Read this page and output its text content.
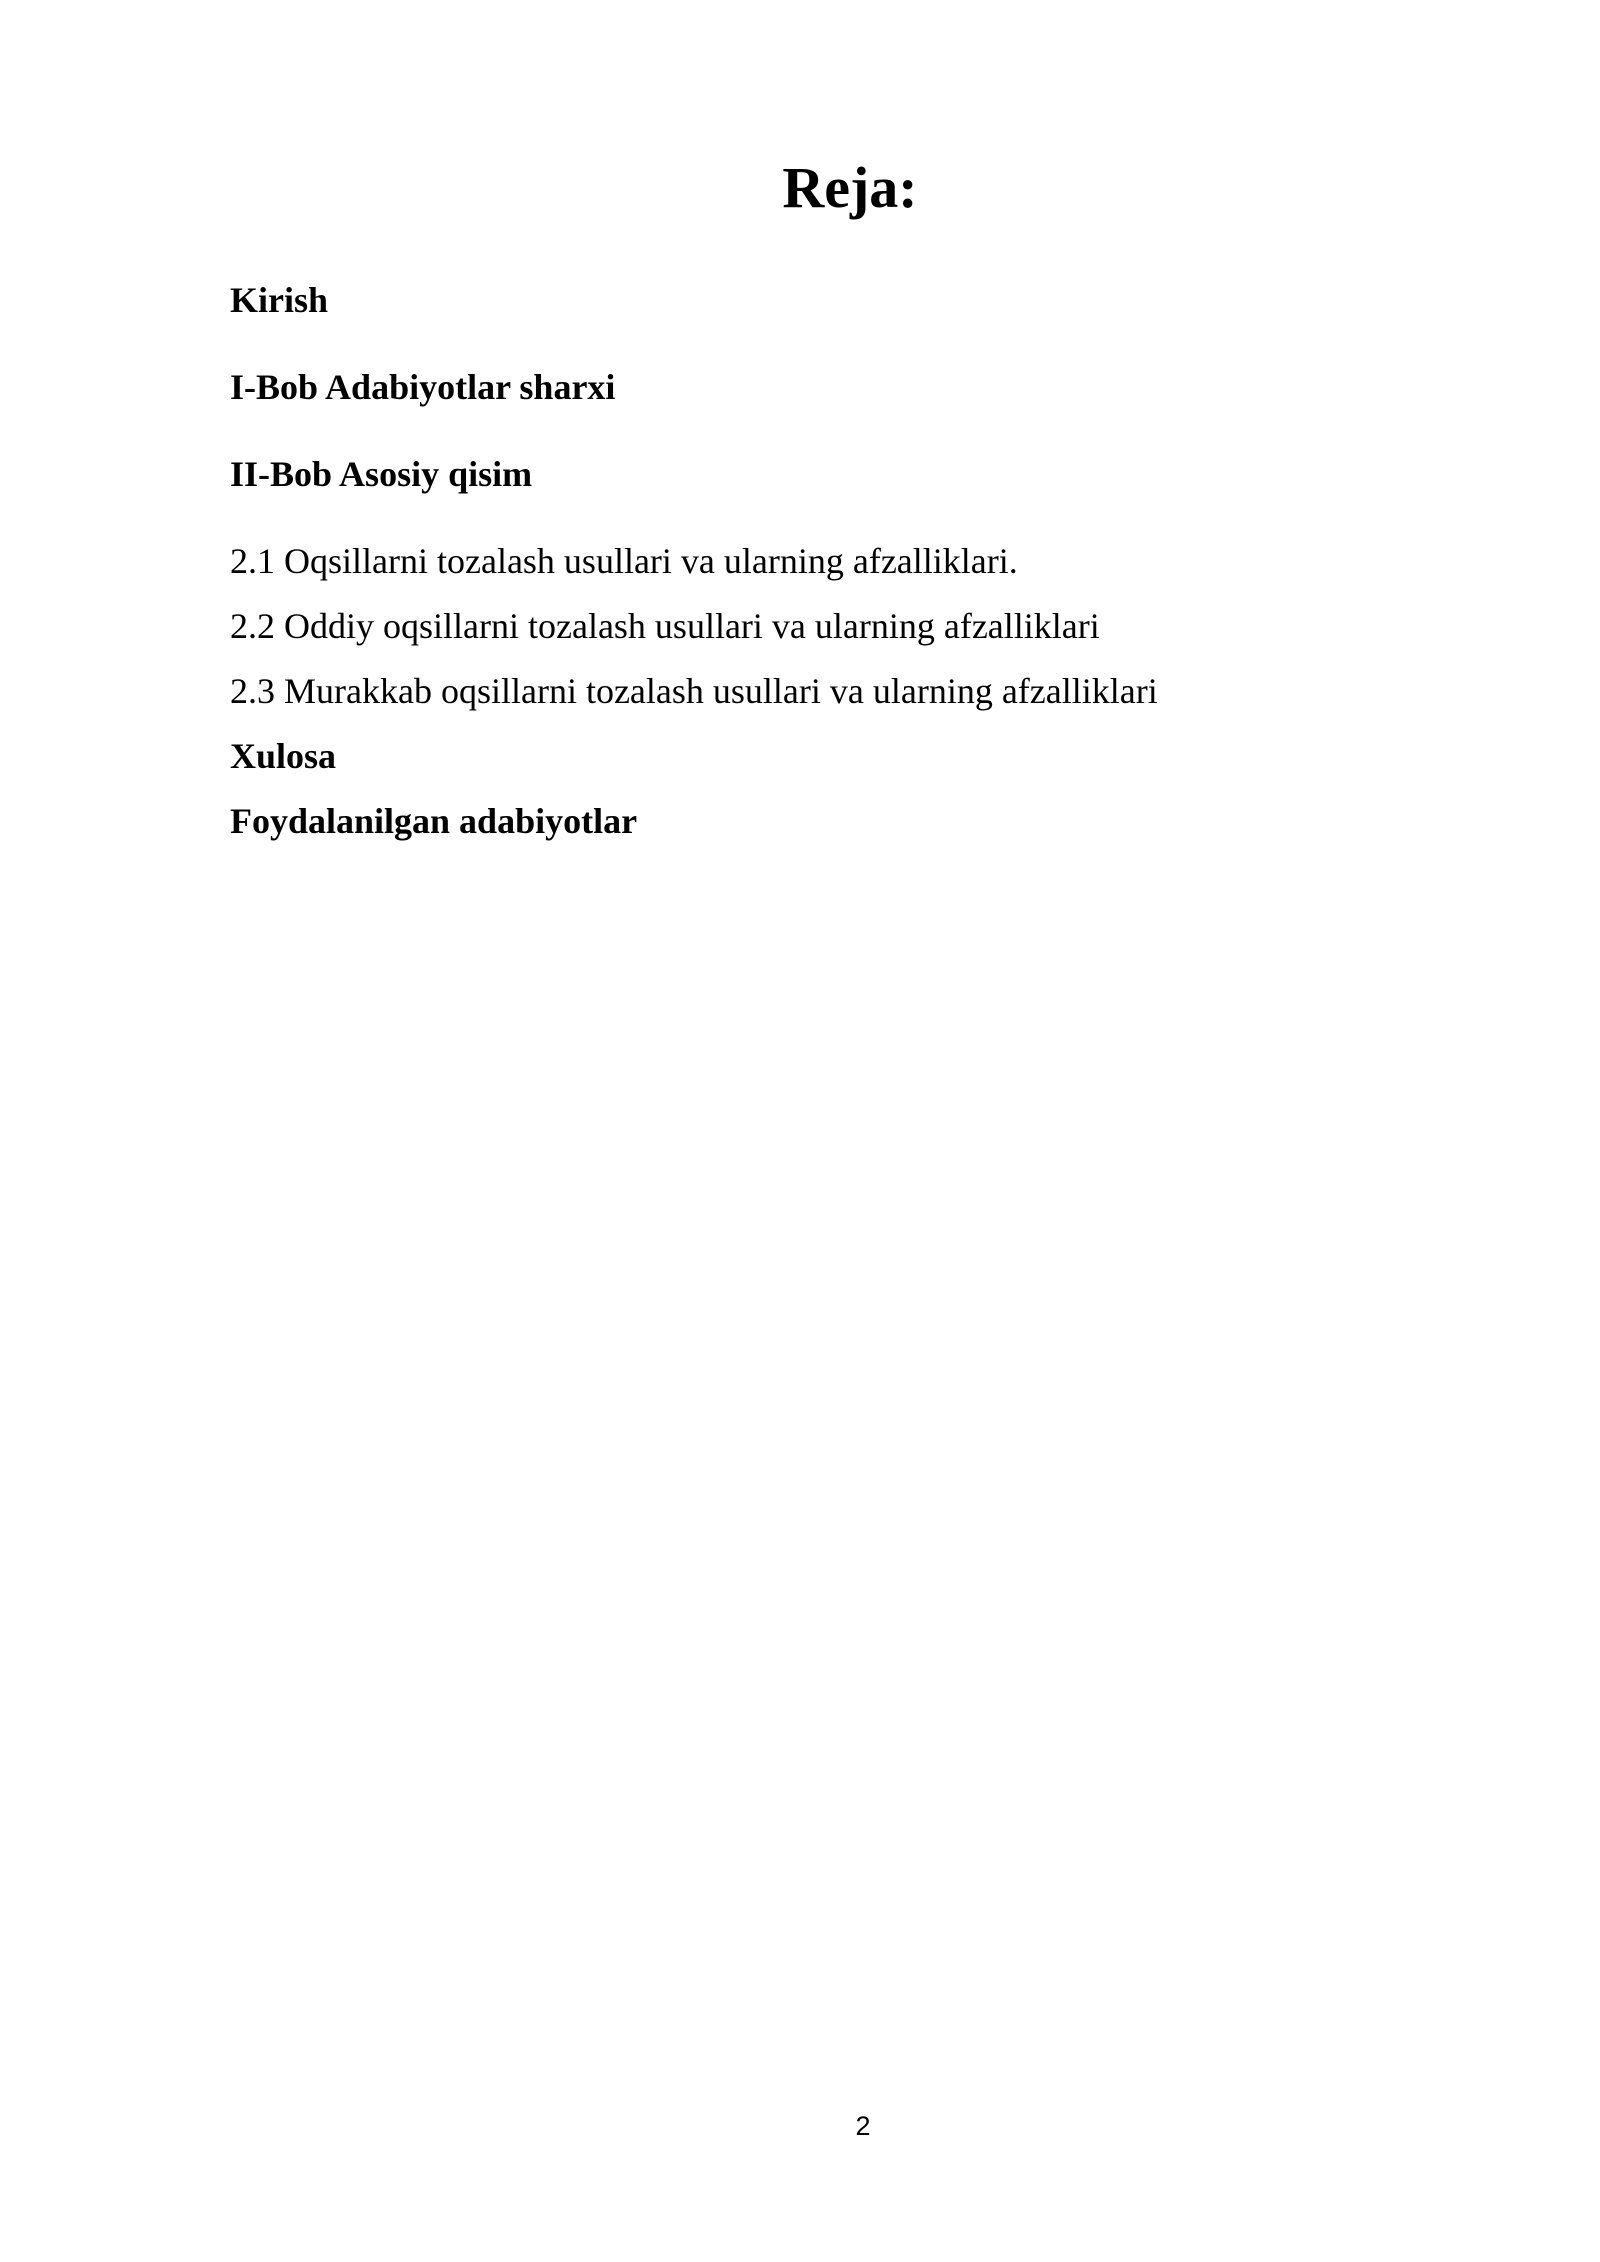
Reja:
Kirish
I-Bob Adabiyotlar sharxi
II-Bob Asosiy qisim
2.1 Oqsillarni tozalash usullari va ularning afzalliklari.
2.2 Oddiy oqsillarni tozalash usullari va ularning afzalliklari
2.3 Murakkab oqsillarni tozalash usullari va ularning afzalliklari
Xulosa
Foydalanilgan adabiyotlar
2
